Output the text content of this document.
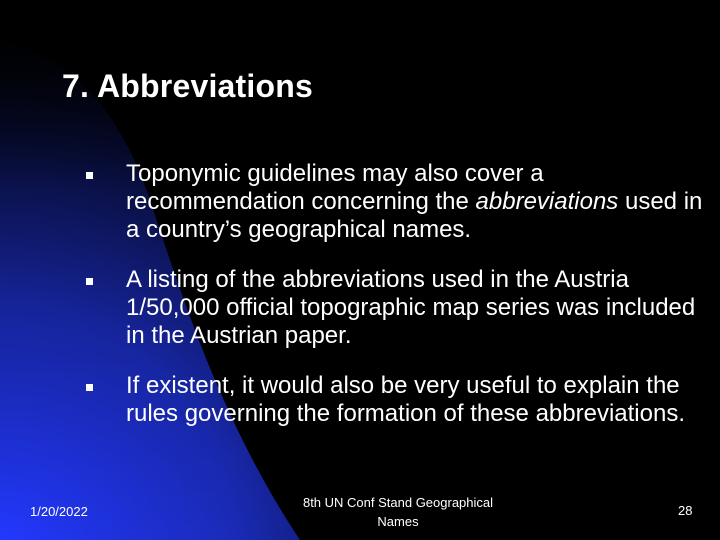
7. Abbreviations
Toponymic guidelines may also cover a recommendation concerning the abbreviations used in a country’s geographical names.
A listing of the abbreviations used in the Austria 1/50,000 official topographic map series was included in the Austrian paper.
If existent, it would also be very useful to explain the rules governing the formation of these abbreviations.
1/20/2022
8th UN Conf Stand Geographical
Names
28
